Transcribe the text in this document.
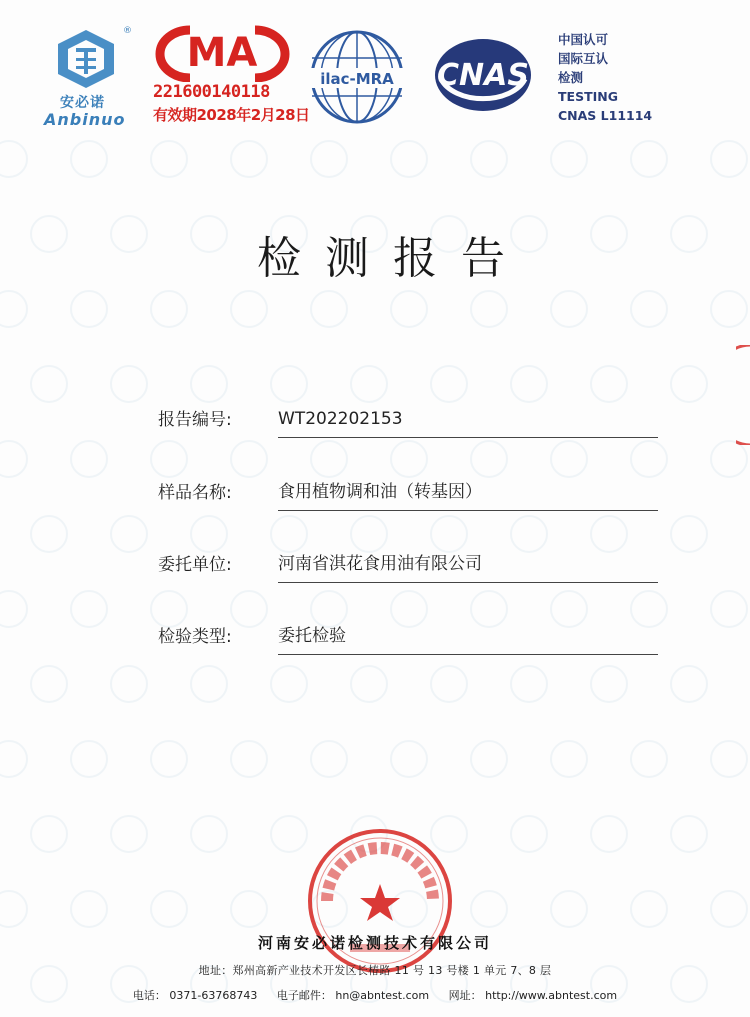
®
安必诺
Anbinuo
MA
221600140118
有效期2028年2月28日
ilac-MRA CNAS
中国认可
国际互认
检测
TESTING
CNAS L11114
检测报告
报告编号:	WT202202153
样品名称:	食用植物调和油（转基因）
委托单位:	河南省淇花食用油有限公司
检验类型:	委托检验
河南安必诺检测技术有限公司
地址：郑州高新产业技术开发区长椿路 11 号 13 号楼 1 单元 7、8 层
电话： 0371-63768743 电子邮件： hn@abntest.com 网址： http://www.abntest.com
